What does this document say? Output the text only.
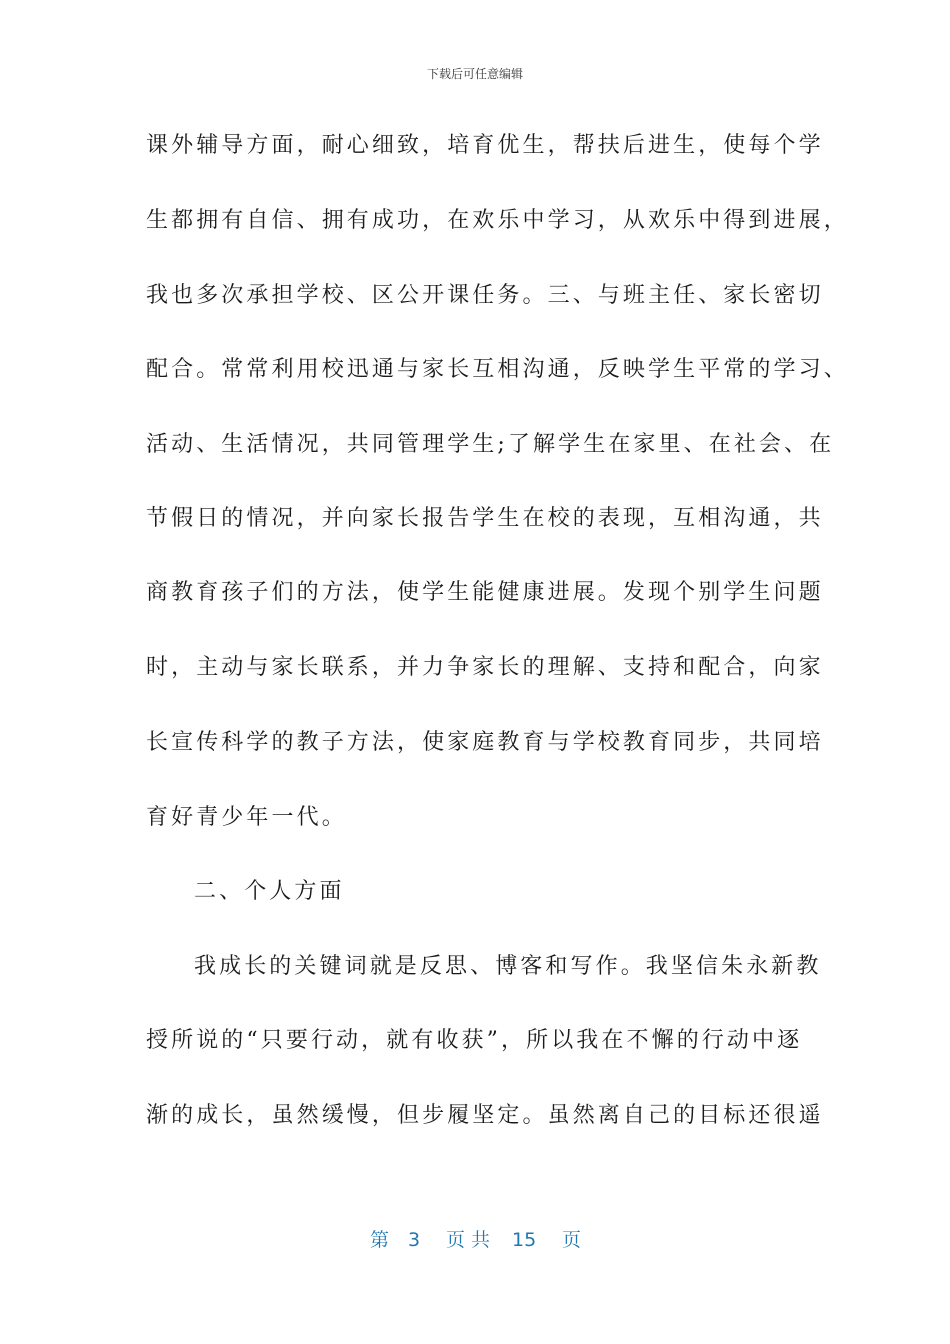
下载后可任意编辑
课外辅导方面，耐心细致，培育优生，帮扶后进生，使每个学
生都拥有自信、拥有成功，在欢乐中学习，从欢乐中得到进展，
我也多次承担学校、区公开课任务。三、与班主任、家长密切
配合。常常利用校迅通与家长互相沟通，反映学生平常的学习、
活动、生活情况，共同管理学生;了解学生在家里、在社会、在
节假日的情况，并向家长报告学生在校的表现，互相沟通，共
商教育孩子们的方法，使学生能健康进展。发现个别学生问题
时，主动与家长联系，并力争家长的理解、支持和配合，向家
长宣传科学的教子方法，使家庭教育与学校教育同步，共同培
育好青少年一代。
二、个人方面
我成长的关键词就是反思、博客和写作。我坚信朱永新教
授所说的“只要行动，就有收获”，所以我在不懈的行动中逐
渐的成长，虽然缓慢，但步履坚定。虽然离自己的目标还很遥
第 3 页 共 15 页
